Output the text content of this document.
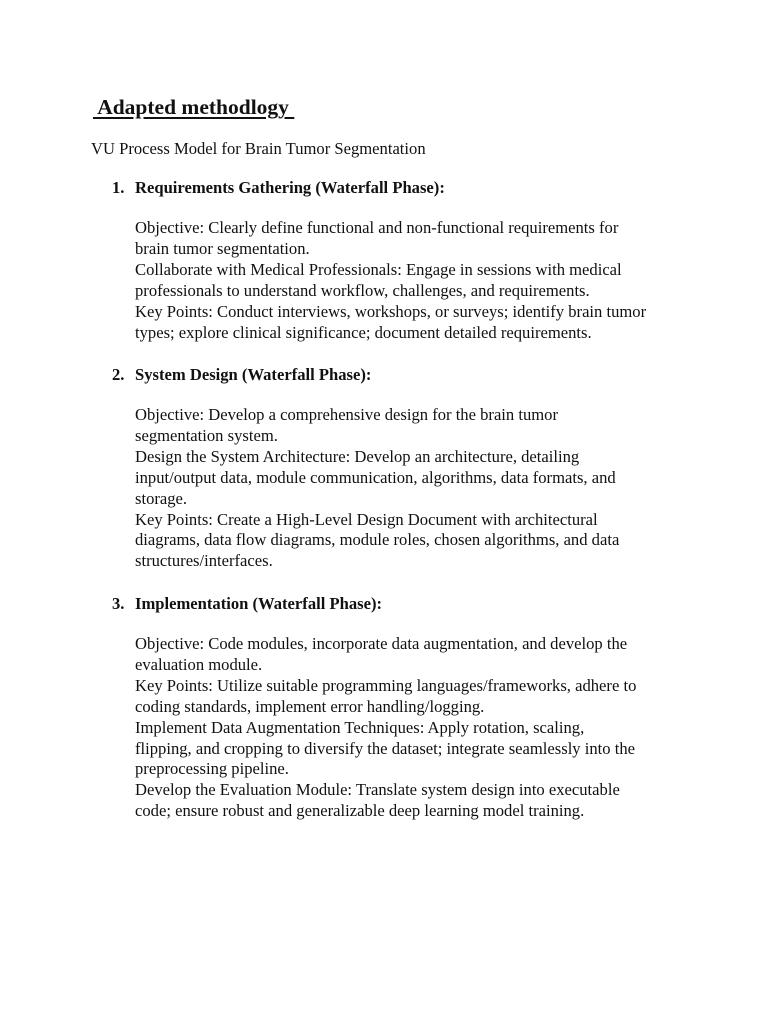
Adapted methodlogy

VU Process Model for Brain Tumor Segmentation

1. Requirements Gathering (Waterfall Phase):

Objective: Clearly define functional and non-functional requirements for
brain tumor segmentation.
Collaborate with Medical Professionals: Engage in sessions with medical
professionals to understand workflow, challenges, and requirements.
Key Points: Conduct interviews, workshops, or surveys; identify brain tumor
types; explore clinical significance; document detailed requirements.

2. System Design (Waterfall Phase):

Objective: Develop a comprehensive design for the brain tumor
segmentation system.
Design the System Architecture: Develop an architecture, detailing
input/output data, module communication, algorithms, data formats, and
storage.
Key Points: Create a High-Level Design Document with architectural
diagrams, data flow diagrams, module roles, chosen algorithms, and data
structures/interfaces.

3. Implementation (Waterfall Phase):

Objective: Code modules, incorporate data augmentation, and develop the
evaluation module.
Key Points: Utilize suitable programming languages/frameworks, adhere to
coding standards, implement error handling/logging.
Implement Data Augmentation Techniques: Apply rotation, scaling,
flipping, and cropping to diversify the dataset; integrate seamlessly into the
preprocessing pipeline.
Develop the Evaluation Module: Translate system design into executable
code; ensure robust and generalizable deep learning model training.
